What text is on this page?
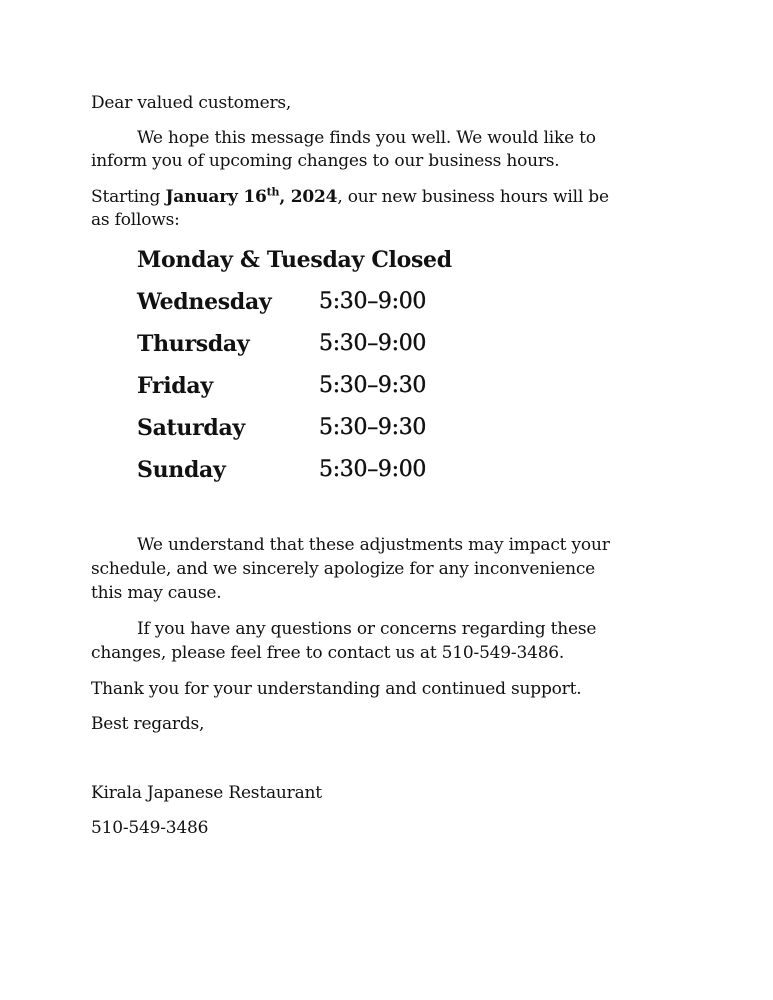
Dear valued customers,
We hope this message finds you well. We would like to
inform you of upcoming changes to our business hours.
Starting January 16th, 2024, our new business hours will be
as follows:
Monday & Tuesday Closed
Wednesday 5:30–9:00
Thursday	5:30–9:00
Friday	5:30–9:30
Saturday	5:30–9:30
Sunday	5:30–9:00
We understand that these adjustments may impact your
schedule, and we sincerely apologize for any inconvenience
this may cause.
If you have any questions or concerns regarding these
changes, please feel free to contact us at 510-549-3486.
Thank you for your understanding and continued support.
Best regards,
Kirala Japanese Restaurant
510-549-3486
